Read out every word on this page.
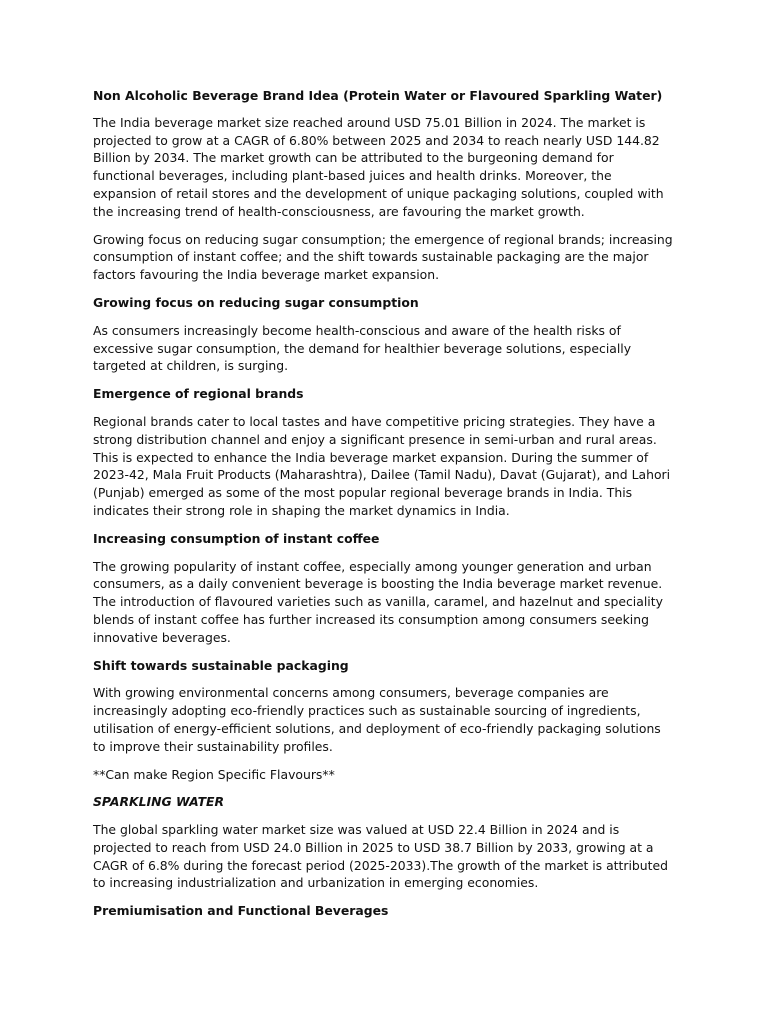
Non Alcoholic Beverage Brand Idea (Protein Water or Flavoured Sparkling Water)
The India beverage market size reached around USD 75.01 Billion in 2024. The market is projected to grow at a CAGR of 6.80% between 2025 and 2034 to reach nearly USD 144.82 Billion by 2034. The market growth can be attributed to the burgeoning demand for functional beverages, including plant-based juices and health drinks. Moreover, the expansion of retail stores and the development of unique packaging solutions, coupled with the increasing trend of health-consciousness, are favouring the market growth.
Growing focus on reducing sugar consumption; the emergence of regional brands; increasing consumption of instant coffee; and the shift towards sustainable packaging are the major factors favouring the India beverage market expansion.
Growing focus on reducing sugar consumption
As consumers increasingly become health-conscious and aware of the health risks of excessive sugar consumption, the demand for healthier beverage solutions, especially targeted at children, is surging.
Emergence of regional brands
Regional brands cater to local tastes and have competitive pricing strategies. They have a strong distribution channel and enjoy a significant presence in semi-urban and rural areas. This is expected to enhance the India beverage market expansion. During the summer of 2023-42, Mala Fruit Products (Maharashtra), Dailee (Tamil Nadu), Davat (Gujarat), and Lahori (Punjab) emerged as some of the most popular regional beverage brands in India. This indicates their strong role in shaping the market dynamics in India.
Increasing consumption of instant coffee
The growing popularity of instant coffee, especially among younger generation and urban consumers, as a daily convenient beverage is boosting the India beverage market revenue. The introduction of flavoured varieties such as vanilla, caramel, and hazelnut and speciality blends of instant coffee has further increased its consumption among consumers seeking innovative beverages.
Shift towards sustainable packaging
With growing environmental concerns among consumers, beverage companies are increasingly adopting eco-friendly practices such as sustainable sourcing of ingredients, utilisation of energy-efficient solutions, and deployment of eco-friendly packaging solutions to improve their sustainability profiles.
**Can make Region Specific Flavours**
SPARKLING WATER
The global sparkling water market size was valued at USD 22.4 Billion in 2024 and is projected to reach from USD 24.0 Billion in 2025 to USD 38.7 Billion by 2033, growing at a CAGR of 6.8% during the forecast period (2025-2033).The growth of the market is attributed to increasing industrialization and urbanization in emerging economies.
Premiumisation and Functional Beverages
